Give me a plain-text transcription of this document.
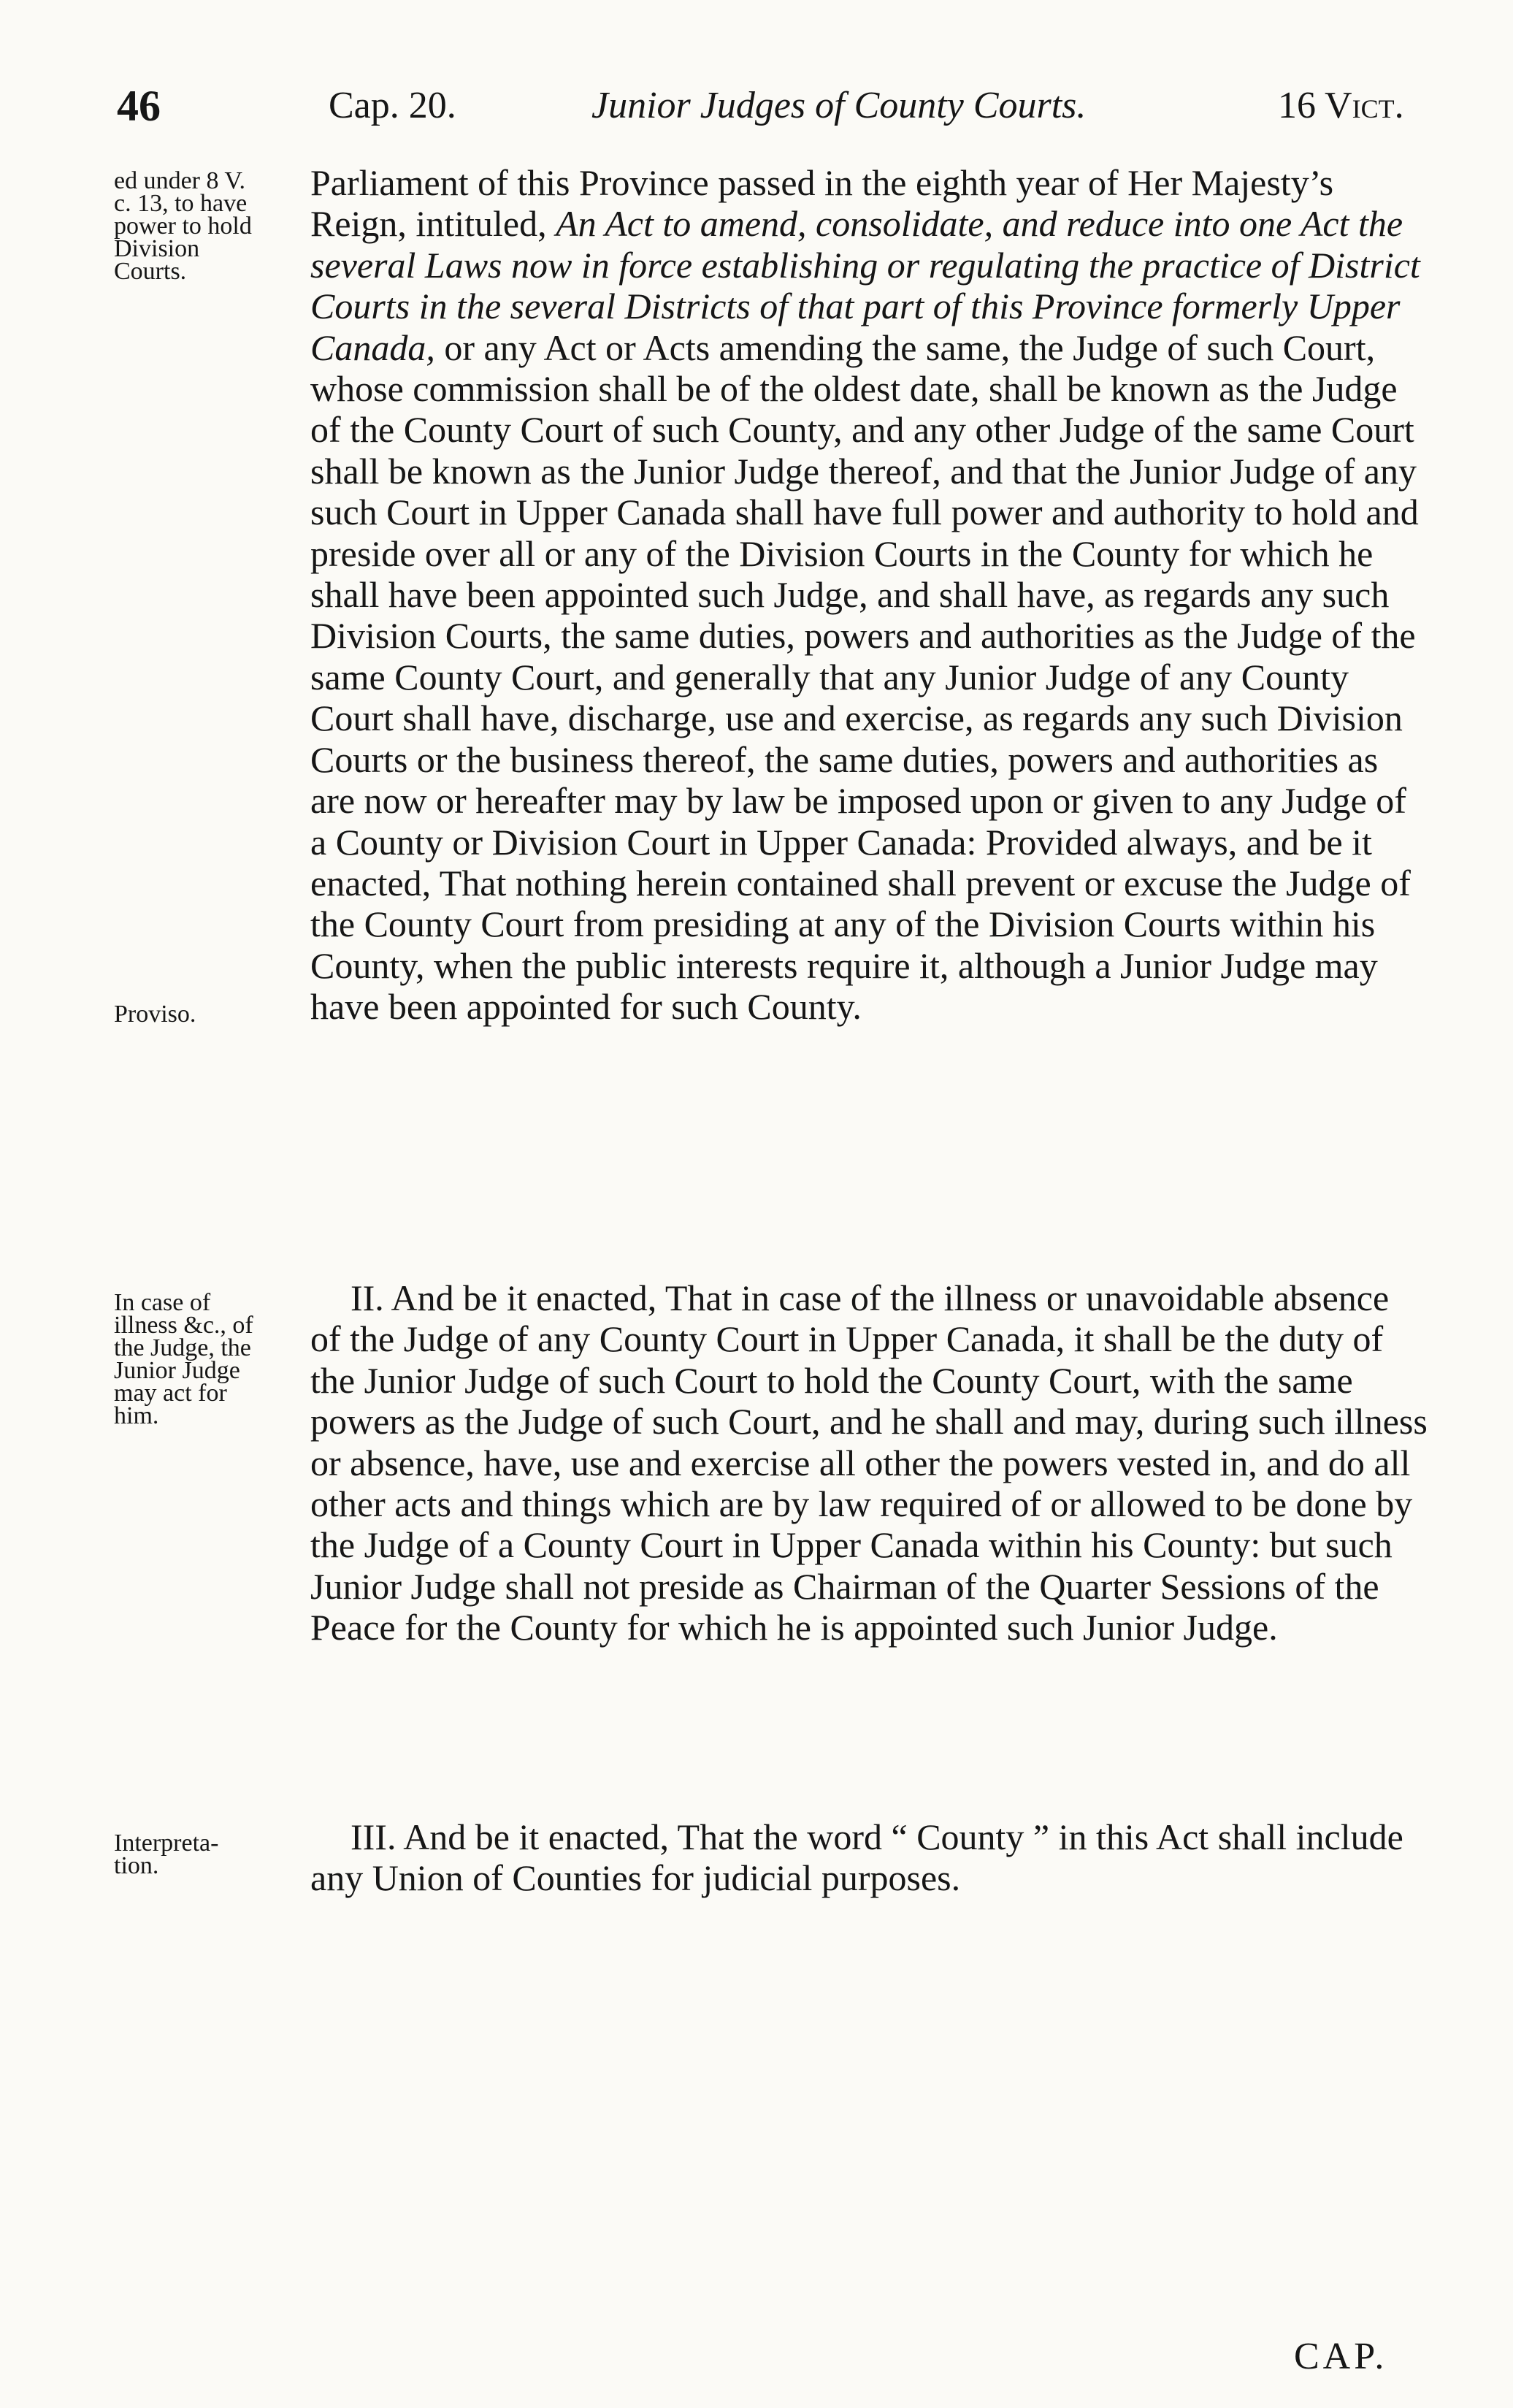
46	Cap. 20.	Junior Judges of County Courts.	16 Vict.
ed under 8 V.
c. 13, to have
power to hold
Division
Courts.
Proviso.
In case of
illness &c., of
the Judge, the
Junior Judge
may act for
him.
Interpreta-
tion.

Parliament of this Province passed in the eighth year of Her Majesty’s Reign, intituled, An Act to amend, consolidate, and reduce into one Act the several Laws now in force establishing or regulating the practice of District Courts in the several Districts of that part of this Province formerly Upper Canada, or any Act or Acts amending the same, the Judge of such Court, whose commission shall be of the oldest date, shall be known as the Judge of the County Court of such County, and any other Judge of the same Court shall be known as the Junior Judge thereof, and that the Junior Judge of any such Court in Upper Canada shall have full power and authority to hold and preside over all or any of the Division Courts in the County for which he shall have been appointed such Judge, and shall have, as regards any such Division Courts, the same duties, powers and authorities as the Judge of the same County Court, and generally that any Junior Judge of any County Court shall have, discharge, use and exercise, as regards any such Division Courts or the business thereof, the same duties, powers and authorities as are now or hereafter may by law be imposed upon or given to any Judge of a County or Division Court in Upper Canada: Provided always, and be it enacted, That nothing herein contained shall prevent or excuse the Judge of the County Court from presiding at any of the Division Courts within his County, when the public interests require it, although a Junior Judge may have been appointed for such County.

II. And be it enacted, That in case of the illness or unavoidable absence of the Judge of any County Court in Upper Canada, it shall be the duty of the Junior Judge of such Court to hold the County Court, with the same powers as the Judge of such Court, and he shall and may, during such illness or absence, have, use and exercise all other the powers vested in, and do all other acts and things which are by law required of or allowed to be done by the Judge of a County Court in Upper Canada within his County: but such Junior Judge shall not preside as Chairman of the Quarter Sessions of the Peace for the County for which he is appointed such Junior Judge.

III. And be it enacted, That the word “ County ” in this Act shall include any Union of Counties for judicial purposes.

CAP.
